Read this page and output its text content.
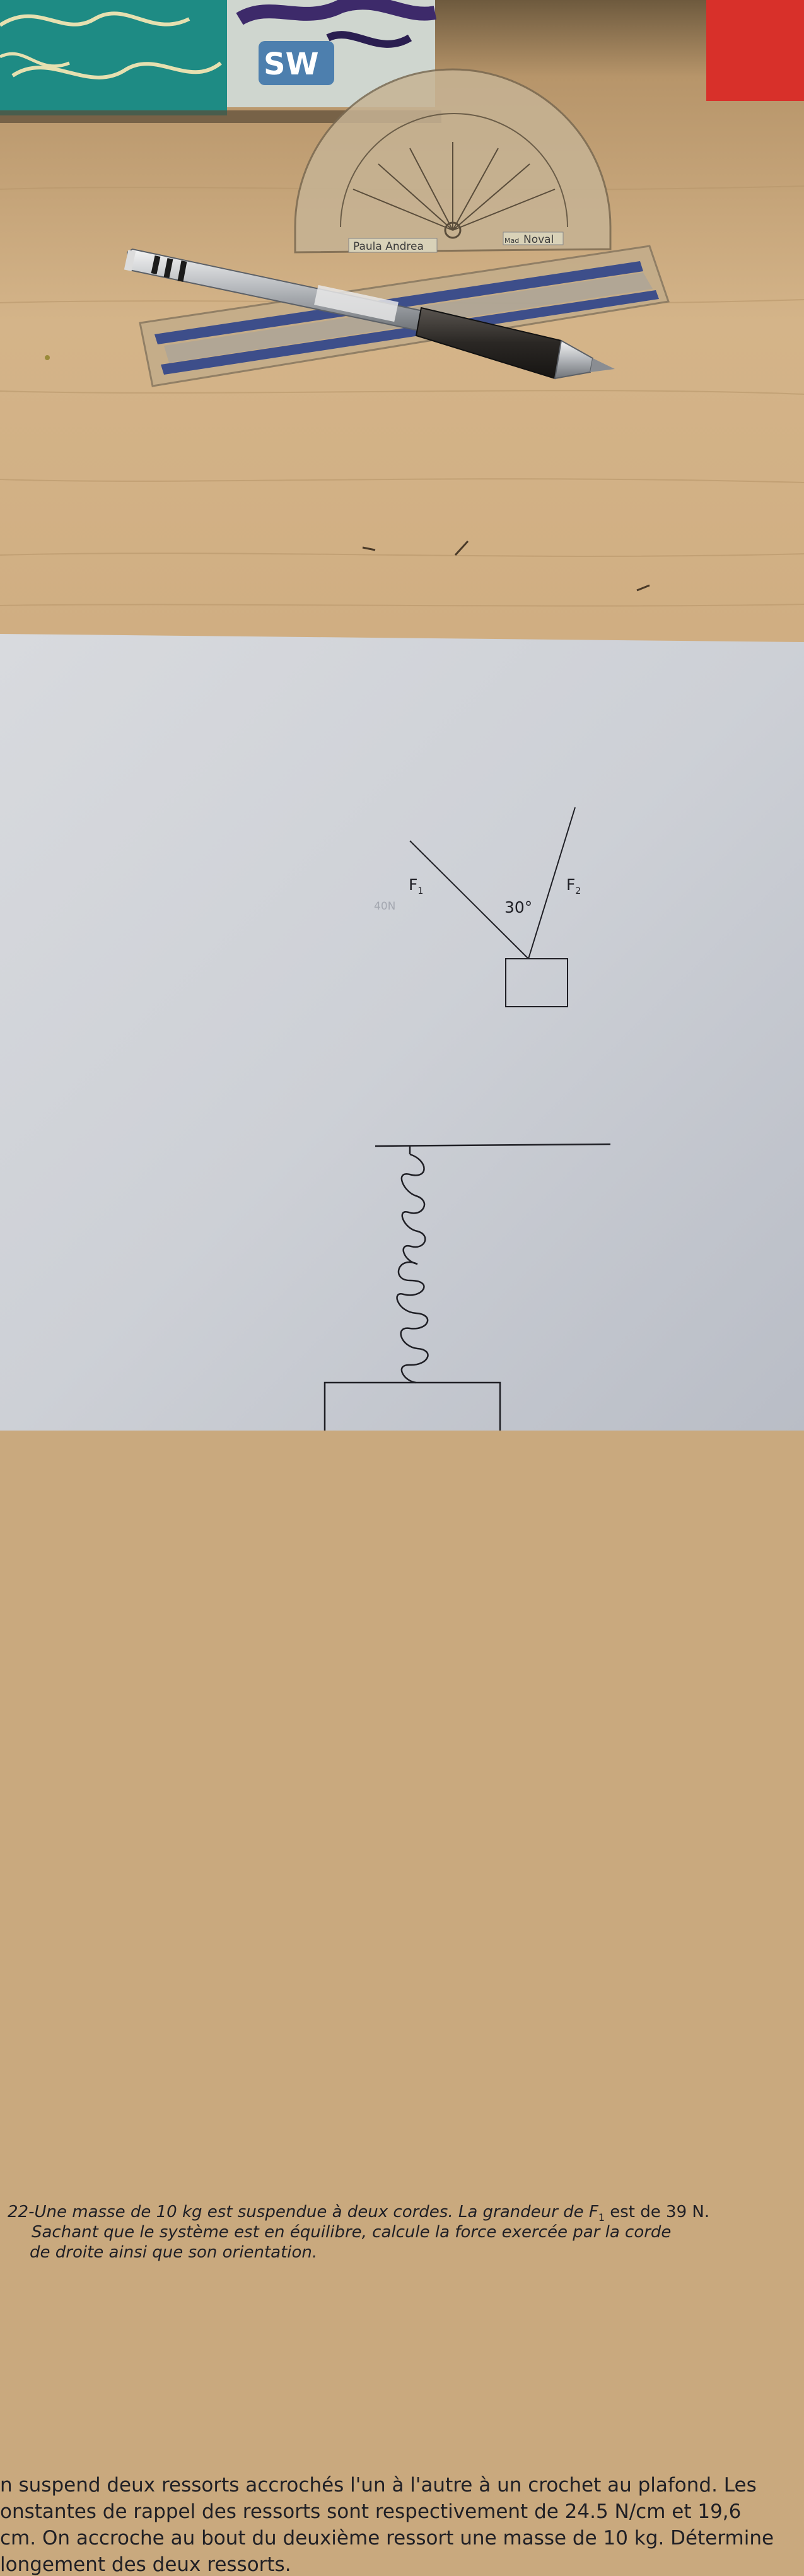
SW
Paula Andrea	Mad Noval
22-Une masse de 10 kg est suspendue à deux cordes. La grandeur de $F_1$ est de 39 N.
Sachant que le système est en équilibre, calcule la force exercée par la corde
de droite ainsi que son orientation.
$F_1$	$F_2$
30°
40N
n suspend deux ressorts accrochés l'un à l'autre à un crochet au plafond. Les
onstantes de rappel des ressorts sont respectivement de 24.5 N/cm et 19,6
cm. On accroche au bout du deuxième ressort une masse de 10 kg. Détermine
longement des deux ressorts.
